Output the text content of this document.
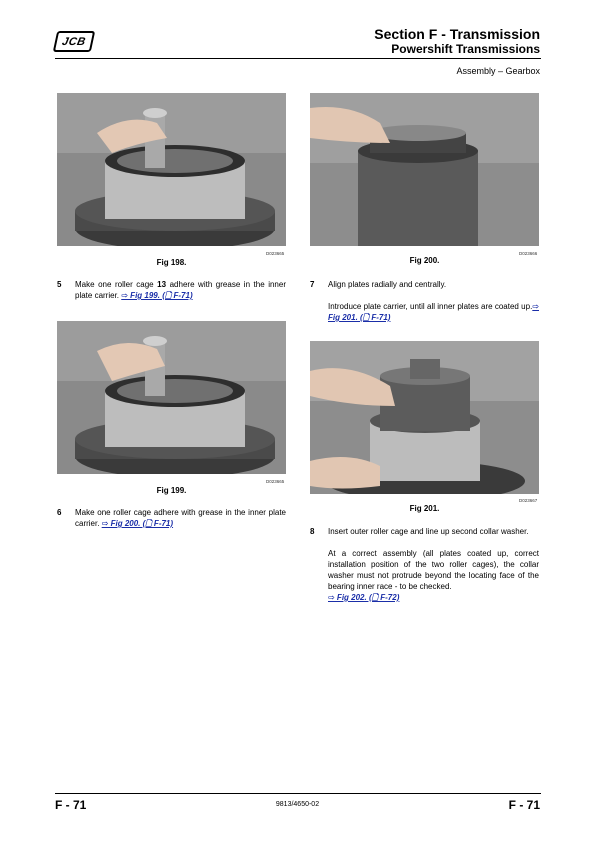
JCB	Section F - Transmission
Powershift Transmissions
Assembly – Gearbox
D023665
Fig 198.
D023666
Fig 200.
5 Make one roller cage 13 adhere with grease in the inner plate carrier. ⇨ Fig 199. (🗋 F-71)
7 Align plates radially and centrally.

Introduce plate carrier, until all inner plates are coated up.⇨ Fig 201. (🗋 F-71)
D023665
Fig 199.
D023667
Fig 201.
6 Make one roller cage adhere with grease in the inner plate carrier. ⇨ Fig 200. (🗋 F-71)
8 Insert outer roller cage and line up second collar washer.

At a correct assembly (all plates coated up, correct installation position of the two roller cages), the collar washer must not protrude beyond the locating face of the bearing inner race - to be checked.
⇨ Fig 202. (🗋 F-72)
F - 71	9813/4650-02	F - 71
